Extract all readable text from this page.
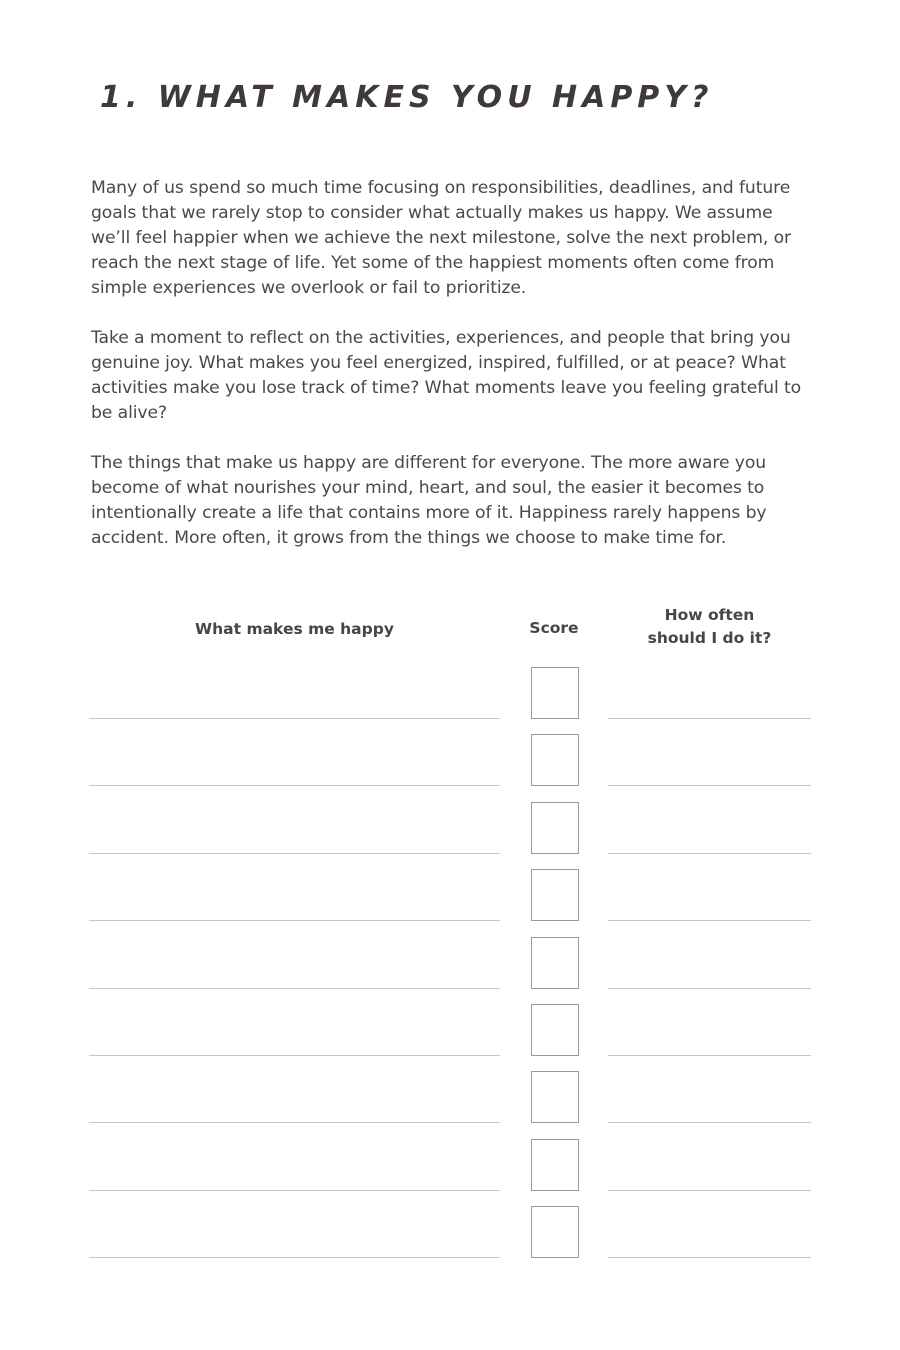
1. WHAT MAKES YOU HAPPY?

Many of us spend so much time focusing on responsibilities, deadlines, and future goals that we rarely stop to consider what actually makes us happy. We assume we’ll feel happier when we achieve the next milestone, solve the next problem, or reach the next stage of life. Yet some of the happiest moments often come from simple experiences we overlook or fail to prioritize.

Take a moment to reflect on the activities, experiences, and people that bring you genuine joy. What makes you feel energized, inspired, fulfilled, or at peace? What activities make you lose track of time? What moments leave you feeling grateful to be alive?

The things that make us happy are different for everyone. The more aware you become of what nourishes your mind, heart, and soul, the easier it becomes to intentionally create a life that contains more of it. Happiness rarely happens by accident. More often, it grows from the things we choose to make time for.

What makes me happy	Score
How often
should I do it?
